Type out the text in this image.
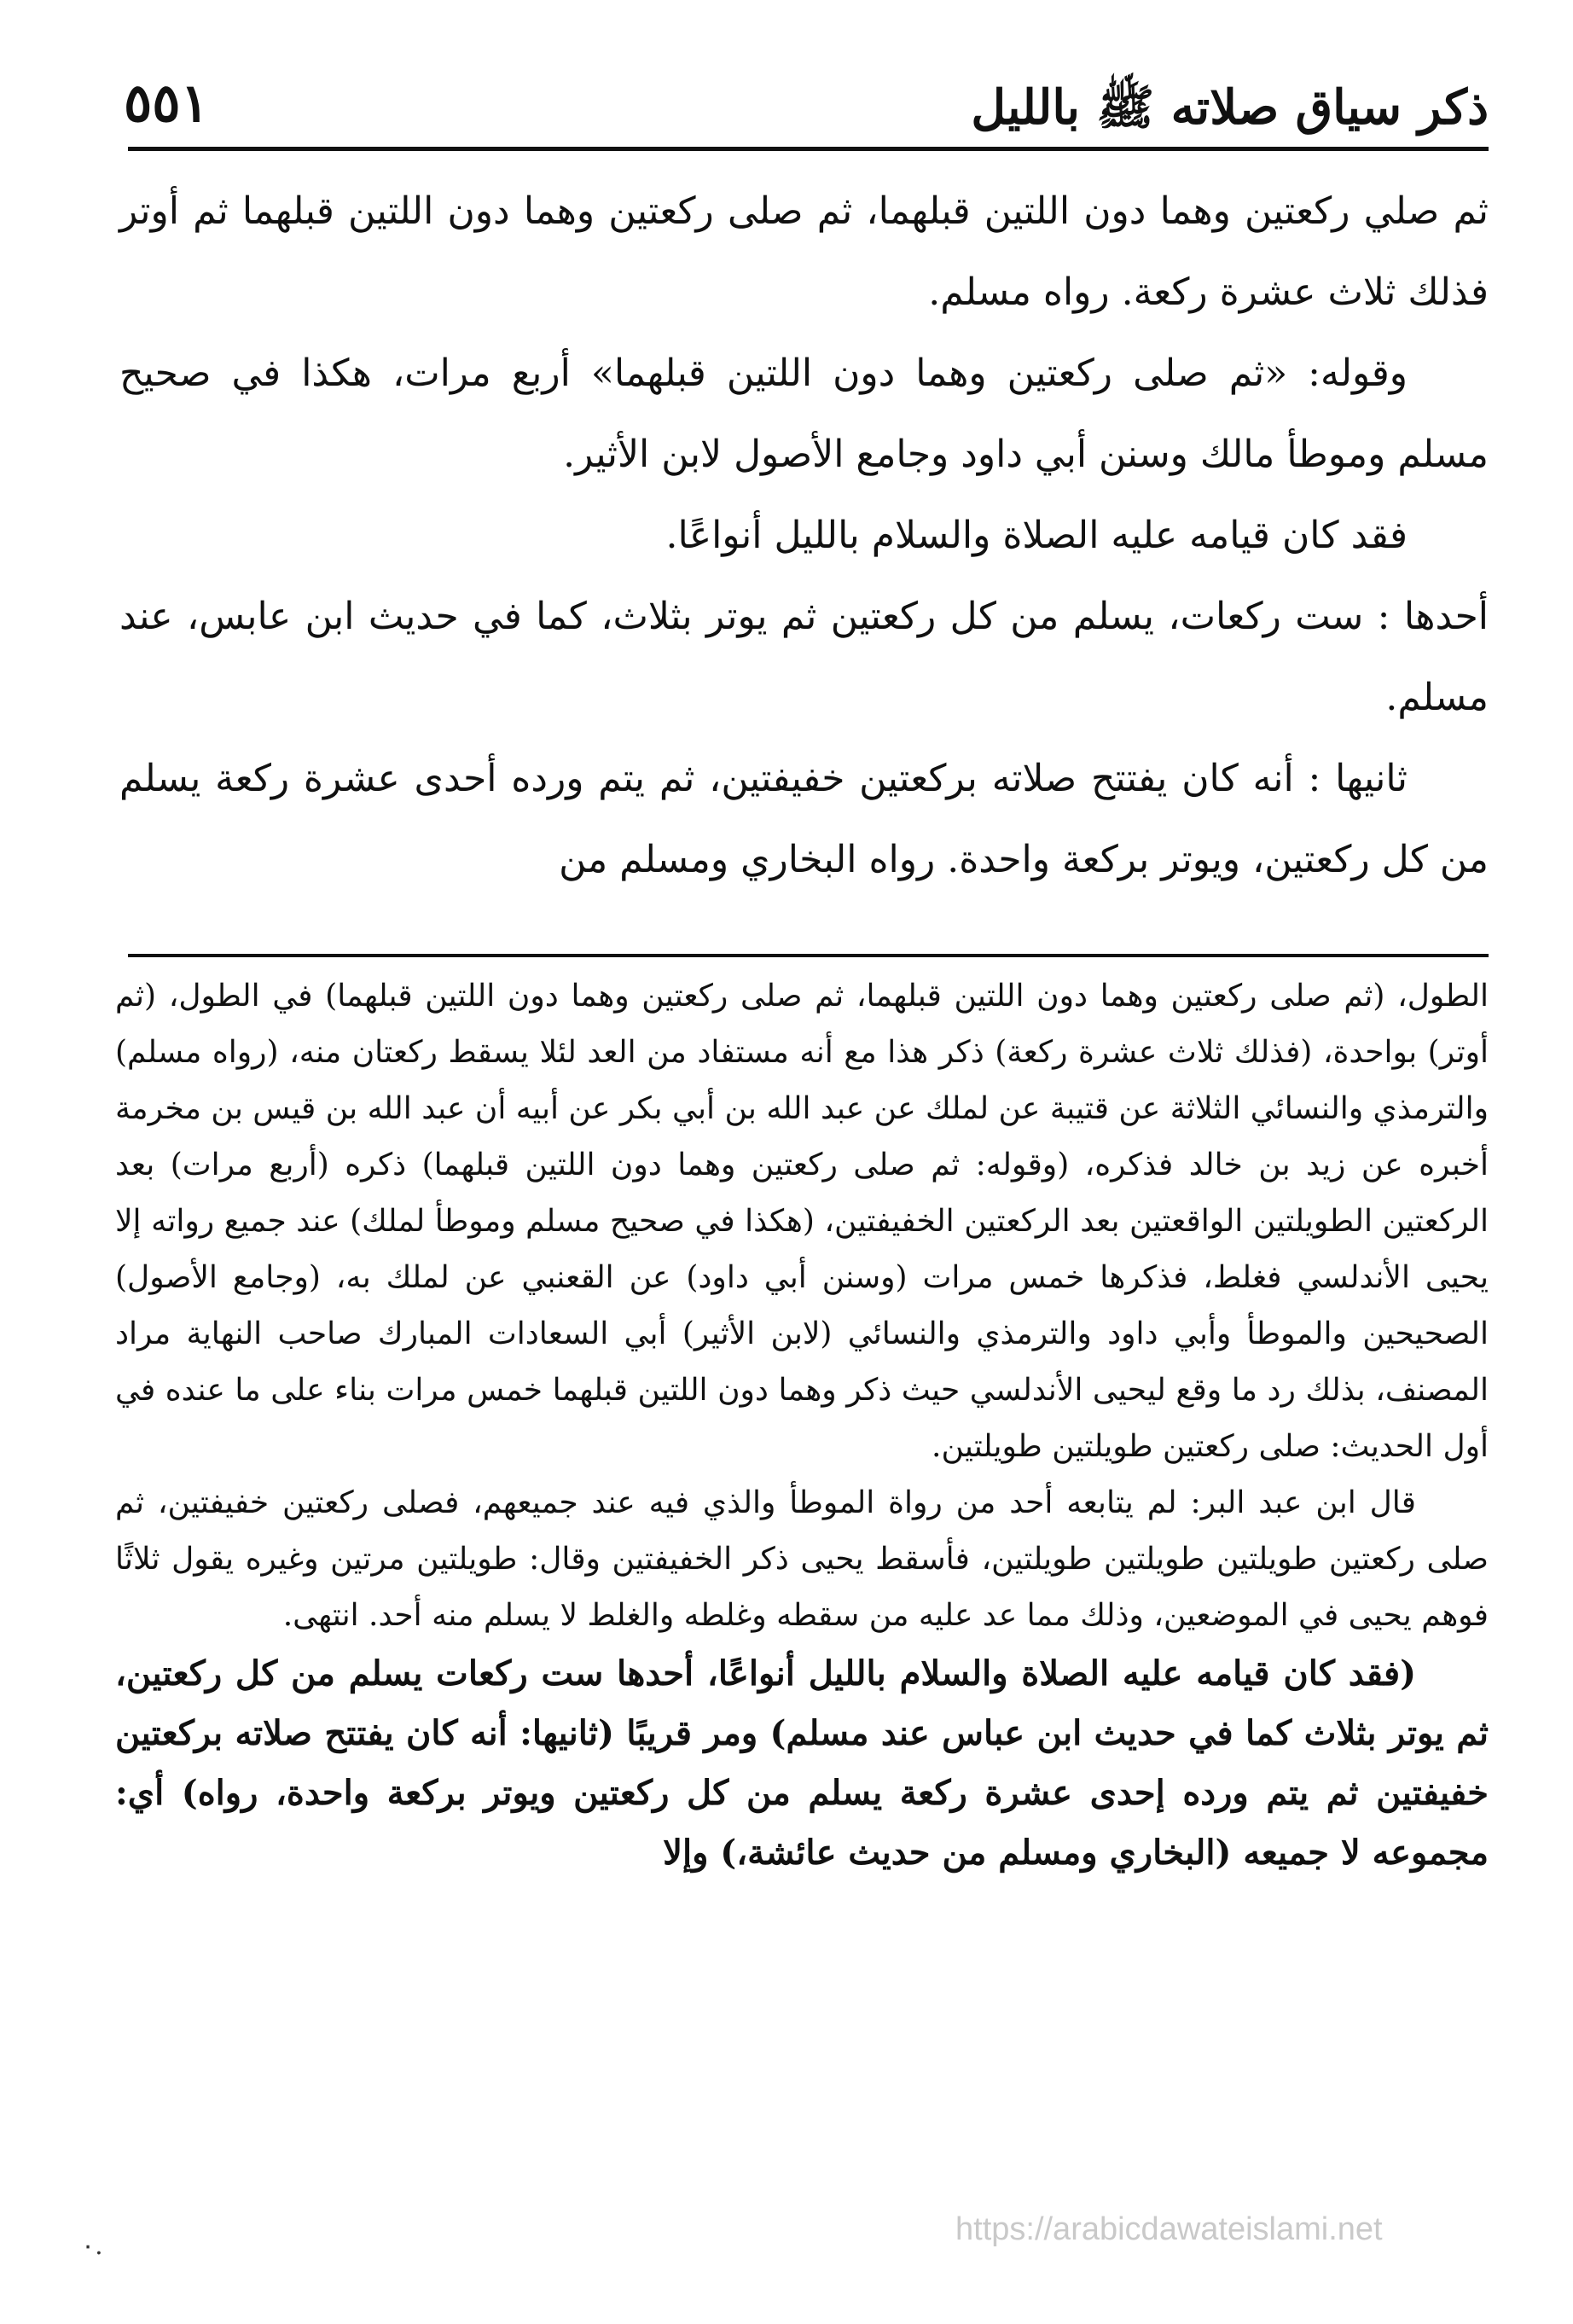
ذكر سياق صلاته ﷺ بالليل
٥٥١

ثم صلي ركعتين وهما دون اللتين قبلهما، ثم صلى ركعتين وهما دون اللتين قبلهما ثم أوتر فذلك ثلاث عشرة ركعة. رواه مسلم.

وقوله: «ثم صلى ركعتين وهما دون اللتين قبلهما» أربع مرات، هكذا في صحيح مسلم وموطأ مالك وسنن أبي داود وجامع الأصول لابن الأثير.

فقد كان قيامه عليه الصلاة والسلام بالليل أنواعًا.

أحدها : ست ركعات، يسلم من كل ركعتين ثم يوتر بثلاث، كما في حديث ابن عابس، عند مسلم.

ثانيها : أنه كان يفتتح صلاته بركعتين خفيفتين، ثم يتم ورده أحدى عشرة ركعة يسلم من كل ركعتين، ويوتر بركعة واحدة. رواه البخاري ومسلم من

الطول، (ثم صلى ركعتين وهما دون اللتين قبلهما، ثم صلى ركعتين وهما دون اللتين قبلهما) في الطول، (ثم أوتر) بواحدة، (فذلك ثلاث عشرة ركعة) ذكر هذا مع أنه مستفاد من العد لئلا يسقط ركعتان منه، (رواه مسلم) والترمذي والنسائي الثلاثة عن قتيبة عن لملك عن عبد الله بن أبي بكر عن أبيه أن عبد الله بن قيس بن مخرمة أخبره عن زيد بن خالد فذكره، (وقوله: ثم صلى ركعتين وهما دون اللتين قبلهما) ذكره (أربع مرات) بعد الركعتين الطويلتين الواقعتين بعد الركعتين الخفيفتين، (هكذا في صحيح مسلم وموطأ لملك) عند جميع رواته إلا يحيى الأندلسي فغلط، فذكرها خمس مرات (وسنن أبي داود) عن القعنبي عن لملك به، (وجامع الأصول) الصحيحين والموطأ وأبي داود والترمذي والنسائي (لابن الأثير) أبي السعادات المبارك صاحب النهاية مراد المصنف، بذلك رد ما وقع ليحيى الأندلسي حيث ذكر وهما دون اللتين قبلهما خمس مرات بناء على ما عنده في أول الحديث: صلى ركعتين طويلتين طويلتين.

قال ابن عبد البر: لم يتابعه أحد من رواة الموطأ والذي فيه عند جميعهم، فصلى ركعتين خفيفتين، ثم صلى ركعتين طويلتين طويلتين طويلتين، فأسقط يحيى ذكر الخفيفتين وقال: طويلتين مرتين وغيره يقول ثلاثًا فوهم يحيى في الموضعين، وذلك مما عد عليه من سقطه وغلطه والغلط لا يسلم منه أحد. انتهى.

(فقد كان قيامه عليه الصلاة والسلام بالليل أنواعًا، أحدها ست ركعات يسلم من كل ركعتين، ثم يوتر بثلاث كما في حديث ابن عباس عند مسلم) ومر قريبًا (ثانيها: أنه كان يفتتح صلاته بركعتين خفيفتين ثم يتم ورده إحدى عشرة ركعة يسلم من كل ركعتين ويوتر بركعة واحدة، رواه) أي: مجموعه لا جميعه (البخاري ومسلم من حديث عائشة،) وإلا

۰.	https://arabicdawateislami.net
